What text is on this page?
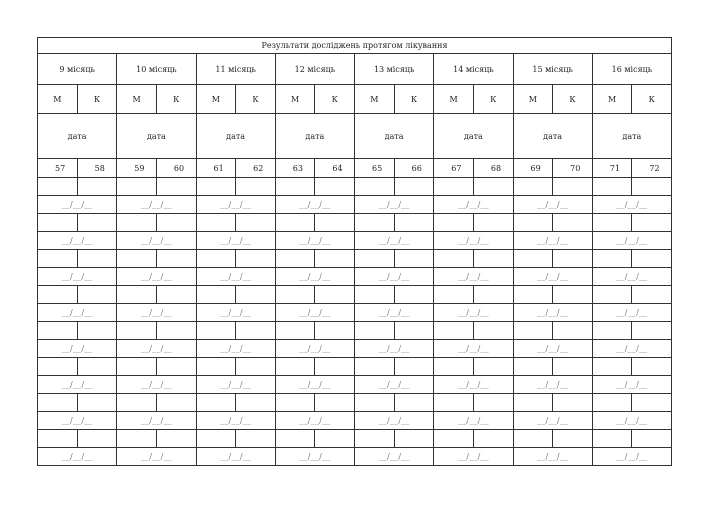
Результати досліджень протягом лікування															
9 місяць		10 місяць		11 місяць		12 місяць		13 місяць		14 місяць		15 місяць		16 місяць	
М	К	М	К	М	К	М	К	М	К	М	К	М	К	М	К
дата		дата		дата		дата		дата		дата		дата		дата	
57	58	59	60	61	62	63	64	65	66	67	68	69	70	71	72

__/__/__		__/__/__		__/__/__		__/__/__		__/__/__		__/__/__		__/__/__		__/__/__	

__/__/__		__/__/__		__/__/__		__/__/__		__/__/__		__/__/__		__/__/__		__/__/__	

__/__/__		__/__/__		__/__/__		__/__/__		__/__/__		__/__/__		__/__/__		__/__/__	

__/__/__		__/__/__		__/__/__		__/__/__		__/__/__		__/__/__		__/__/__		__/__/__	

__/__/__		__/__/__		__/__/__		__/__/__		__/__/__		__/__/__		__/__/__		__/__/__	

__/__/__		__/__/__		__/__/__		__/__/__		__/__/__		__/__/__		__/__/__		__/__/__	

__/__/__		__/__/__		__/__/__		__/__/__		__/__/__		__/__/__		__/__/__		__/__/__	

__/__/__		__/__/__		__/__/__		__/__/__		__/__/__		__/__/__		__/__/__		__/__/__	
